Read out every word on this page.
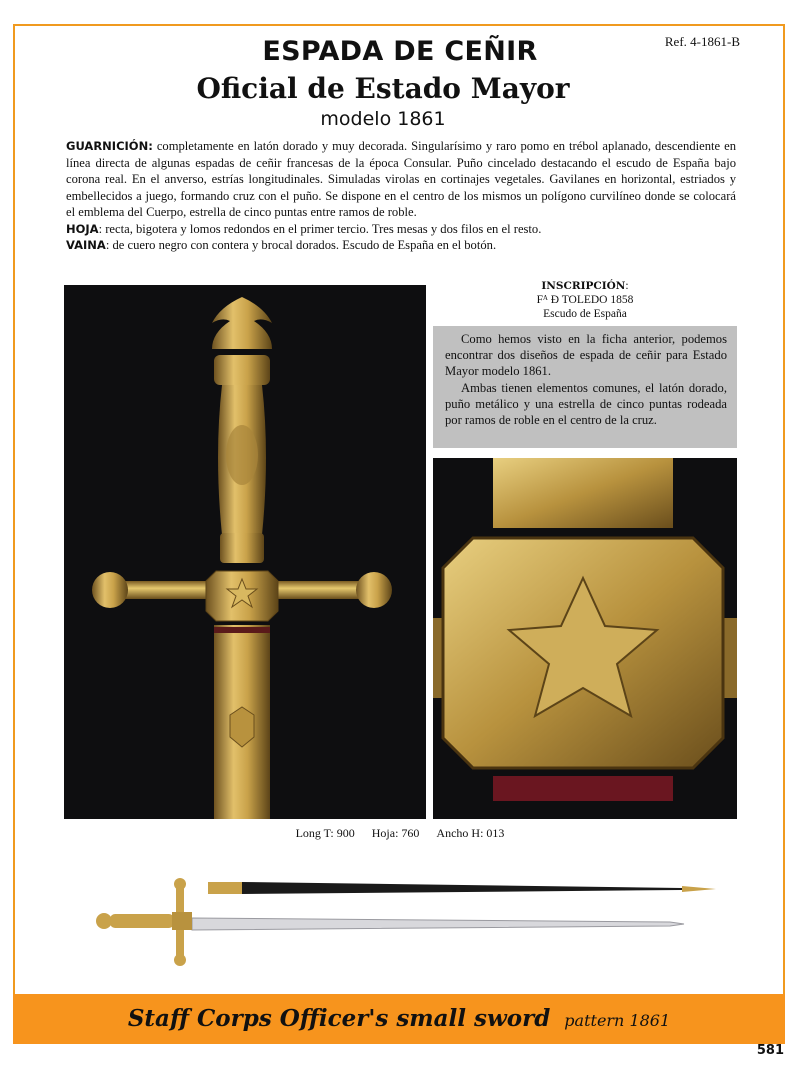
Ref. 4-1861-B
ESPADA DE CEÑIR
Oficial de Estado Mayor
modelo 1861

GUARNICIÓN: completamente en latón dorado y muy decorada. Singularísimo y raro pomo en trébol aplanado, descendiente en línea directa de algunas espadas de ceñir francesas de la época Consular. Puño cincelado destacando el escudo de España bajo corona real. En el anverso, estrías longitudinales. Simuladas virolas en cortinajes vegetales. Gavilanes en horizontal, estriados y embellecidos a juego, formando cruz con el puño. Se dispone en el centro de los mismos un polígono curvilíneo donde se colocará el emblema del Cuerpo, estrella de cinco puntas entre ramos de roble.

HOJA: recta, bigotera y lomos redondos en el primer tercio. Tres mesas y dos filos en el resto.

VAINA: de cuero negro con contera y brocal dorados. Escudo de España en el botón.

INSCRIPCIÓN:
Fᴬ Ð TOLEDO 1858
Escudo de España

Como hemos visto en la ficha anterior, podemos encontrar dos diseños de espada de ceñir para Estado Mayor modelo 1861.

Ambas tienen elementos comunes, el latón dorado, puño metálico y una estrella de cinco puntas rodeada por ramos de roble en el centro de la cruz.

Long T: 900 Hoja: 760 Ancho H: 013
Staff Corps Officer's small sword pattern 1861
581
